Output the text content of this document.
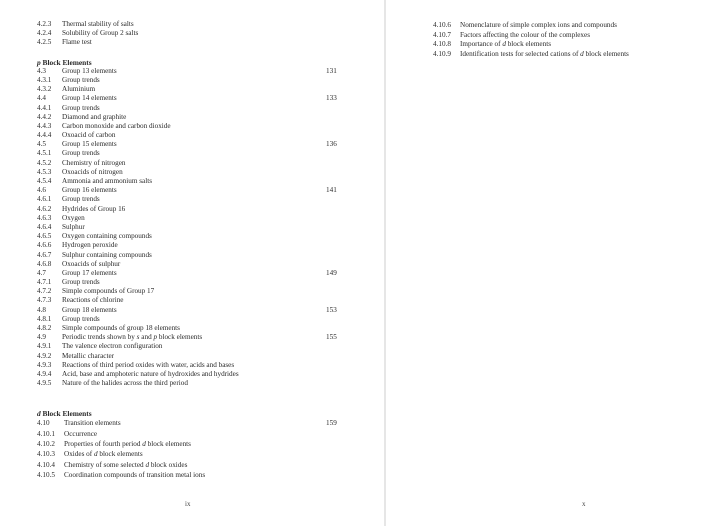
4.2.3 Thermal stability of salts
4.2.4 Solubility of Group 2 salts
4.2.5 Flame test
p Block Elements
4.3 Group 13 elements	131
4.3.1 Group trends
4.3.2 Aluminium
4.4 Group 14 elements	133
4.4.1 Group trends
4.4.2 Diamond and graphite
4.4.3 Carbon monoxide and carbon dioxide
4.4.4 Oxoacid of carbon
4.5 Group 15 elements	136
4.5.1 Group trends
4.5.2 Chemistry of nitrogen
4.5.3 Oxoacids of nitrogen
4.5.4 Ammonia and ammonium salts
4.6 Group 16 elements	141
4.6.1 Group trends
4.6.2 Hydrides of Group 16
4.6.3 Oxygen
4.6.4 Sulphur
4.6.5 Oxygen containing compounds
4.6.6 Hydrogen peroxide
4.6.7 Sulphur containing compounds
4.6.8 Oxoacids of sulphur
4.7 Group 17 elements	149
4.7.1 Group trends
4.7.2 Simple compounds of Group 17
4.7.3 Reactions of chlorine
4.8 Group 18 elements	153
4.8.1 Group trends
4.8.2 Simple compounds of group 18 elements
4.9 Periodic trends shown by s and p block elements	155
4.9.1 The valence electron configuration
4.9.2 Metallic character
4.9.3 Reactions of third period oxides with water, acids and bases
4.9.4 Acid, base and amphoteric nature of hydroxides and hydrides
4.9.5 Nature of the halides across the third period
d Block Elements
4.10 Transition elements	159
4.10.1 Occurrence
4.10.2 Properties of fourth period d block elements
4.10.3 Oxides of d block elements
4.10.4 Chemistry of some selected d block oxides
4.10.5 Coordination compounds of transition metal ions
ix
4.10.6 Nomenclature of simple complex ions and compounds
4.10.7 Factors affecting the colour of the complexes
4.10.8 Importance of d block elements
4.10.9 Identification tests for selected cations of d block elements
x
